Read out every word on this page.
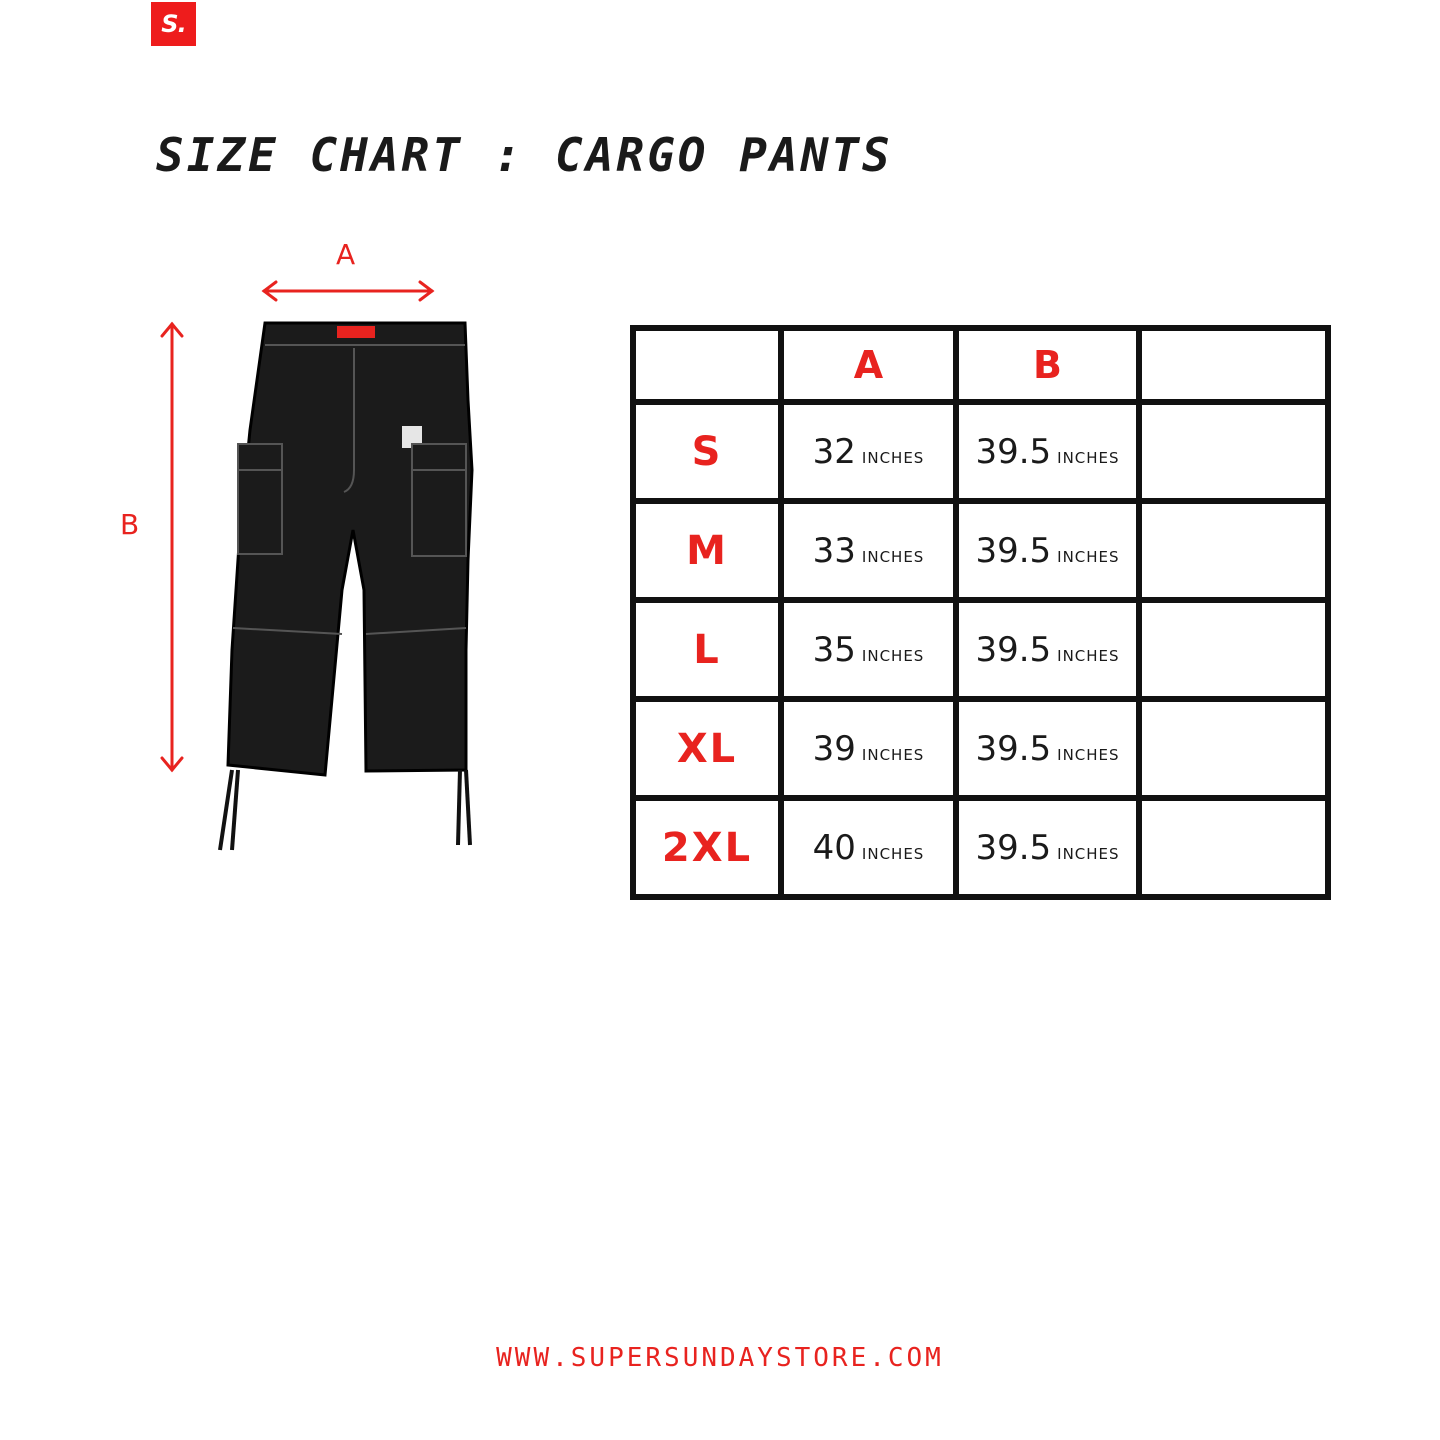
S.
SIZE CHART : CARGO PANTS
A
B
	A	B	
S	32 INCHES	39.5 INCHES	
M	33 INCHES	39.5 INCHES	
L	35 INCHES	39.5 INCHES	
XL	39 INCHES	39.5 INCHES	
2XL	40 INCHES	39.5 INCHES	
WWW.SUPERSUNDAYSTORE.COM
